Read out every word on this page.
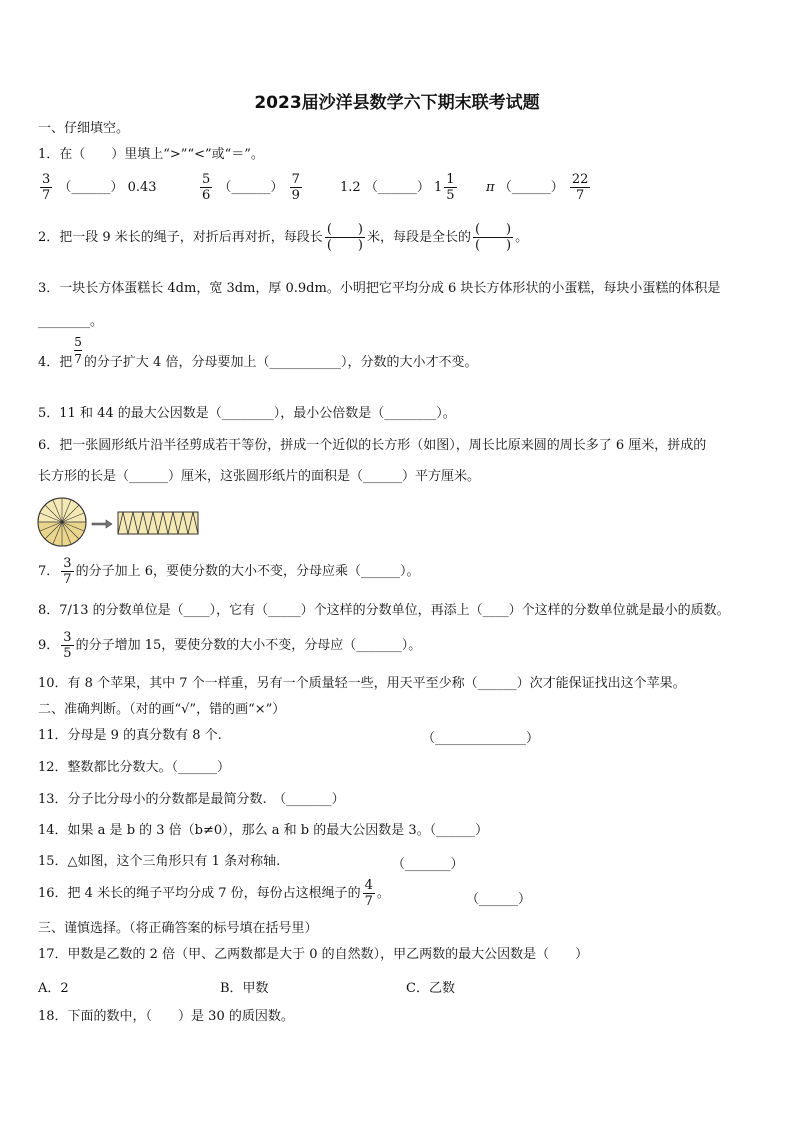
2023届沙洋县数学六下期末联考试题
一、仔细填空。
1．在（　　）里填上“>”“<”或“＝”。
$\frac{3}{7}$ （______） 0.43	$\frac{5}{6}$ （______） $\frac{7}{9}$	1.2 （______） $1 \frac{1}{5}$ π （______） $\frac{22}{7}$
2．把一段 9 米长的绳子，对折后再对折，每段长 $\frac{( )}{( )}$ 米，每段是全长的 $\frac{( )}{( )}$ 。
3．一块长方体蛋糕长 4dm，宽 3dm，厚 0.9dm。小明把它平均分成 6 块长方体形状的小蛋糕，每块小蛋糕的体积是
________。
4．把 $\frac{5}{7}$ 的分子扩大 4 倍，分母要加上（___________），分数的大小才不变。
5．11 和 44 的最大公因数是（________），最小公倍数是（________）。
6．把一张圆形纸片沿半径剪成若干等份，拼成一个近似的长方形（如图），周长比原来圆的周长多了 6 厘米，拼成的
长方形的长是（______）厘米，这张圆形纸片的面积是（______）平方厘米。
7． $\frac{3}{7}$ 的分子加上 6，要使分数的大小不变，分母应乘（______）。
8．7/13 的分数单位是（____），它有（_____）个这样的分数单位，再添上（____）个这样的分数单位就是最小的质数。
9． $\frac{3}{5}$ 的分子增加 15，要使分数的大小不变，分母应（_______）。
10．有 8 个苹果，其中 7 个一样重，另有一个质量轻一些，用天平至少称（______）次才能保证找出这个苹果。
二、准确判断。（对的画“√”，错的画“×”）
11．分母是 9 的真分数有 8 个.	（______________）
12．整数都比分数大。（______）
13．分子比分母小的分数都是最简分数.　（_______）
14．如果 a 是 b 的 3 倍（b≠0），那么 a 和 b 的最大公因数是 3。（______）
15．△如图，这个三角形只有 1 条对称轴.	（_______）
16．把 4 米长的绳子平均分成 7 份，每份占这根绳子的 $\frac{4}{7}$ 。	（______）
三、谨慎选择。（将正确答案的标号填在括号里）
17．甲数是乙数的 2 倍（甲、乙两数都是大于 0 的自然数），甲乙两数的最大公因数是（　　）
A．2	B．甲数	C．乙数
18．下面的数中，（　　）是 30 的质因数。
